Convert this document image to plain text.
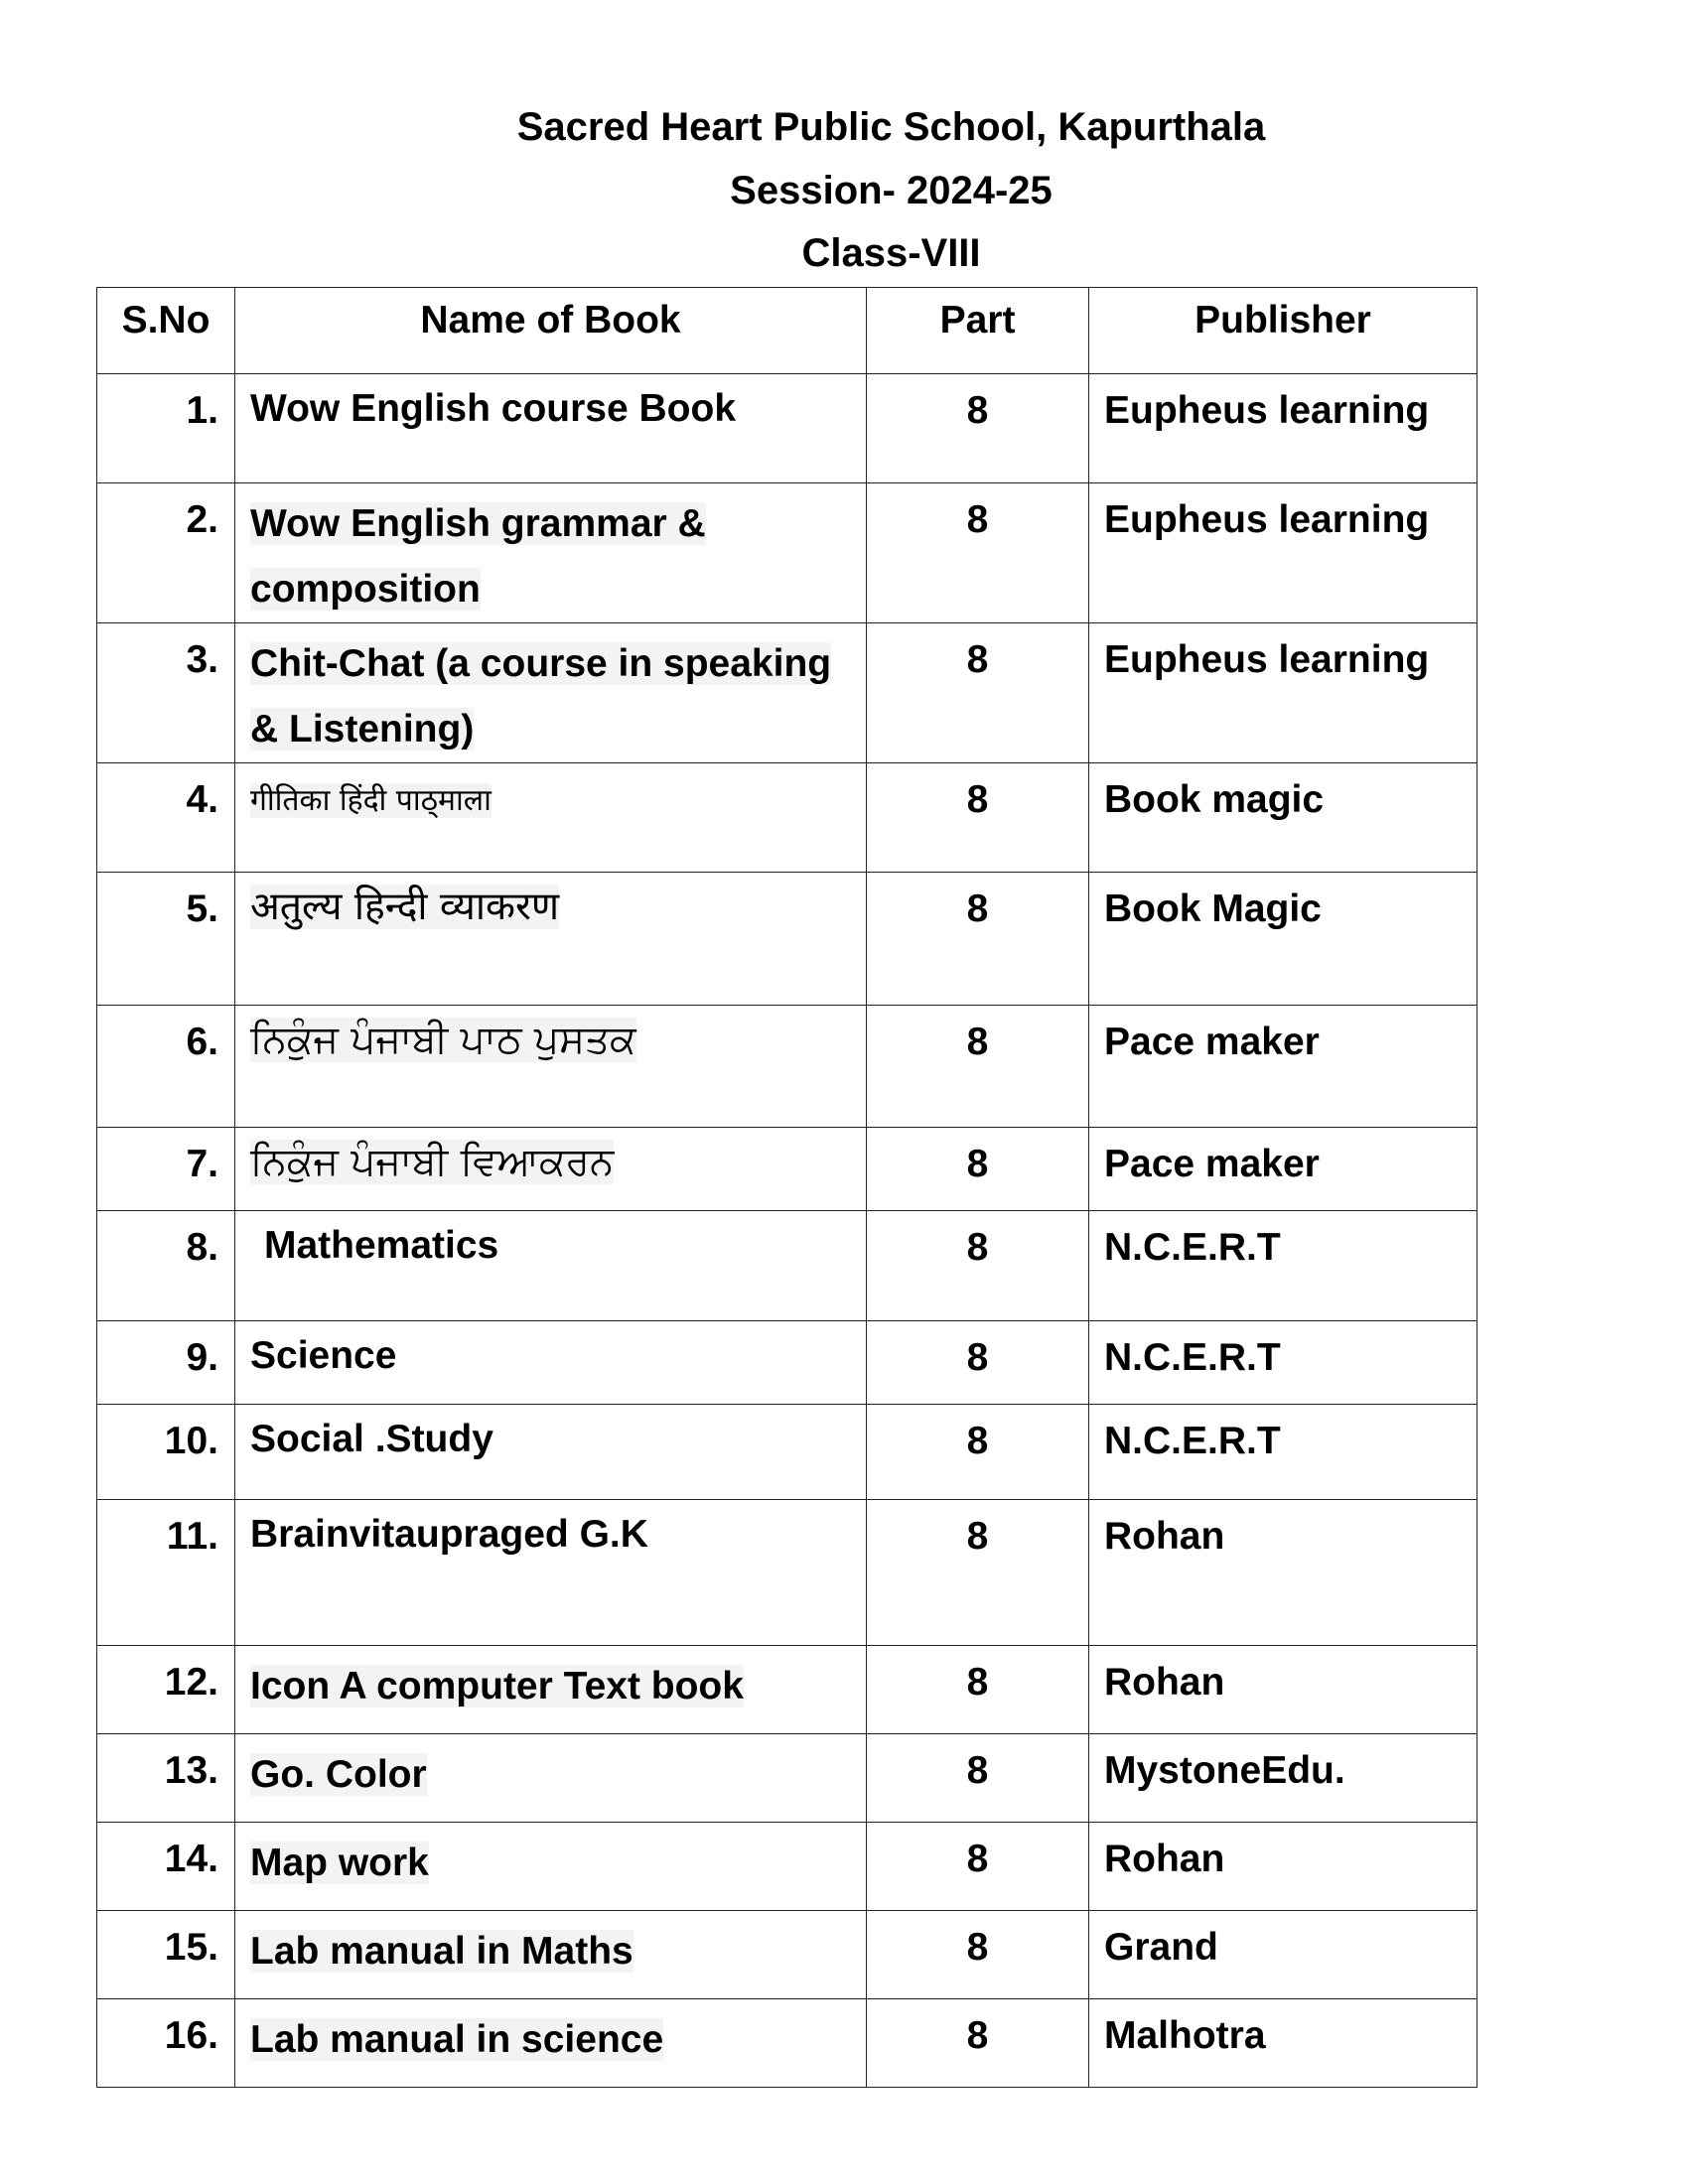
Sacred Heart Public School, Kapurthala
Session- 2024-25
Class-VIII
S.No	Name of Book	Part	Publisher
1.	Wow English course Book	8	Eupheus learning
2.	Wow English grammar & composition	8	Eupheus learning
3.	Chit-Chat (a course in speaking & Listening)	8	Eupheus learning
4.	गीतिका हिंदी पाठ्माला	8	Book magic
5.	अतुल्य हिन्दी व्याकरण	8	Book Magic
6.	ਨਿਕੁੰਜ ਪੰਜਾਬੀ ਪਾਠ ਪੁਸਤਕ	8	Pace maker
7.	ਨਿਕੁੰਜ ਪੰਜਾਬੀ ਵਿਆਕਰਨ	8	Pace maker
8.	Mathematics	8	N.C.E.R.T
9.	Science	8	N.C.E.R.T
10.	Social .Study	8	N.C.E.R.T
11.	Brainvitaupraged G.K	8	Rohan
12.	Icon A computer Text book	8	Rohan
13.	Go. Color	8	MystoneEdu.
14.	Map work	8	Rohan
15.	Lab manual in Maths	8	Grand
16.	Lab manual in science	8	Malhotra
